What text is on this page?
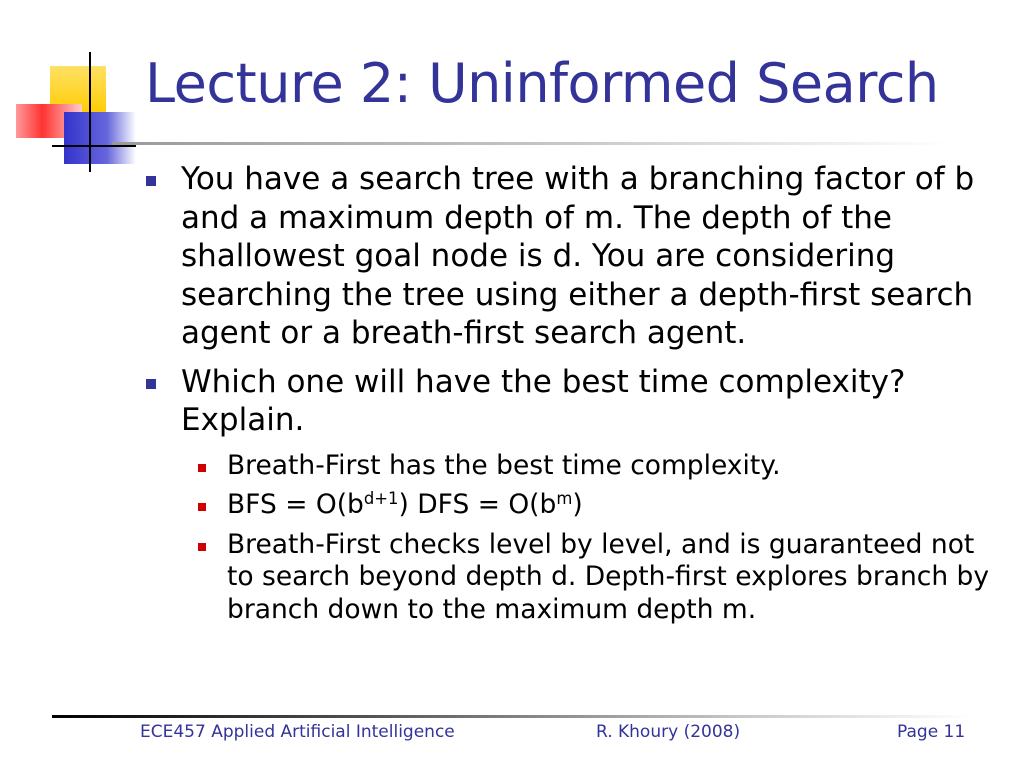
Lecture 2: Uninformed Search
You have a search tree with a branching factor of b and a maximum depth of m. The depth of the shallowest goal node is d. You are considering searching the tree using either a depth-first search agent or a breath-first search agent.
Which one will have the best time complexity? Explain.
Breath-First has the best time complexity.
BFS = $O(b^{d+1})$ DFS = $O(b^m)$
Breath-First checks level by level, and is guaranteed not to search beyond depth d. Depth-first explores branch by branch down to the maximum depth m.
ECE457 Applied Artificial Intelligence	R. Khoury (2008)	Page 11
